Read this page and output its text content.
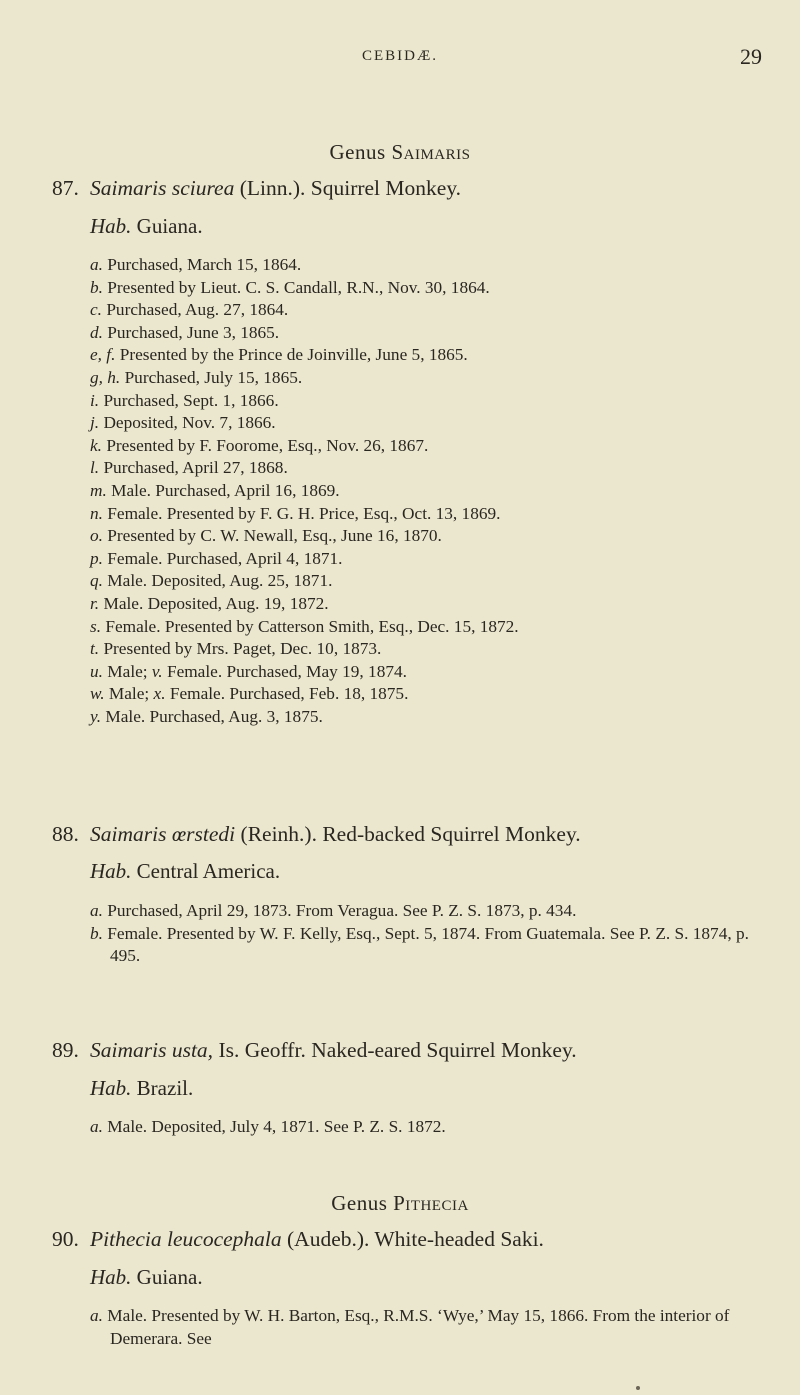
CEBIDÆ.	29
Genus Saimaris
87. Saimaris sciurea (Linn.). Squirrel Monkey.
Hab. Guiana.
a. Purchased, March 15, 1864.
b. Presented by Lieut. C. S. Candall, R.N., Nov. 30, 1864.
c. Purchased, Aug. 27, 1864.
d. Purchased, June 3, 1865.
e, f. Presented by the Prince de Joinville, June 5, 1865.
g, h. Purchased, July 15, 1865.
i. Purchased, Sept. 1, 1866.
j. Deposited, Nov. 7, 1866.
k. Presented by F. Foorome, Esq., Nov. 26, 1867.
l. Purchased, April 27, 1868.
m. Male. Purchased, April 16, 1869.
n. Female. Presented by F. G. H. Price, Esq., Oct. 13, 1869.
o. Presented by C. W. Newall, Esq., June 16, 1870.
p. Female. Purchased, April 4, 1871.
q. Male. Deposited, Aug. 25, 1871.
r. Male. Deposited, Aug. 19, 1872.
s. Female. Presented by Catterson Smith, Esq., Dec. 15, 1872.
t. Presented by Mrs. Paget, Dec. 10, 1873.
u. Male; v. Female. Purchased, May 19, 1874.
w. Male; x. Female. Purchased, Feb. 18, 1875.
y. Male. Purchased, Aug. 3, 1875.
88. Saimaris œrstedi (Reinh.). Red-backed Squirrel Monkey.
Hab. Central America.
a. Purchased, April 29, 1873. From Veragua. See P. Z. S. 1873, p. 434.
b. Female. Presented by W. F. Kelly, Esq., Sept. 5, 1874. From Guatemala. See P. Z. S. 1874, p. 495.
89. Saimaris usta, Is. Geoffr. Naked-eared Squirrel Monkey.
Hab. Brazil.
a. Male. Deposited, July 4, 1871. See P. Z. S. 1872.
Genus Pithecia
90. Pithecia leucocephala (Audeb.). White-headed Saki.
Hab. Guiana.
a. Male. Presented by W. H. Barton, Esq., R.M.S. ‘Wye,’ May 15, 1866. From the interior of Demerara. See
